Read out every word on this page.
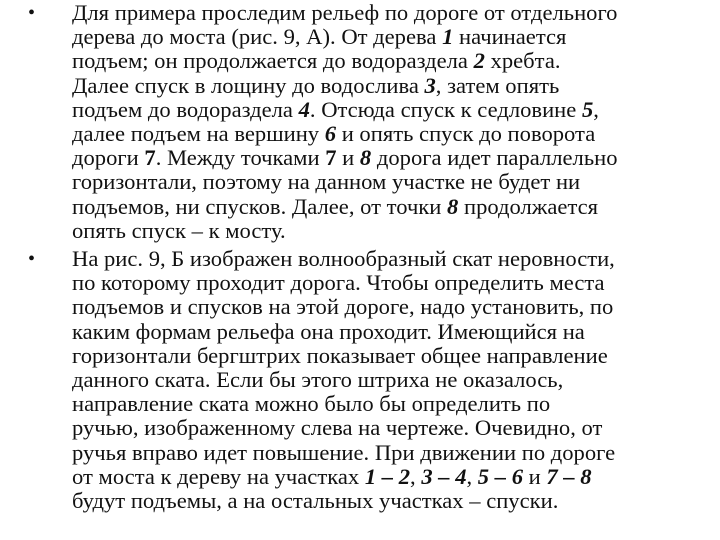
• Для примера проследим рельеф по дороге от отдельного
дерева до моста (рис. 9, А). От дерева 1 начинается
подъем; он продолжается до водораздела 2 хребта.
Далее спуск в лощину до водослива 3, затем опять
подъем до водораздела 4. Отсюда спуск к седловине 5,
далее подъем на вершину 6 и опять спуск до поворота
дороги 7. Между точками 7 и 8 дорога идет параллельно
горизонтали, поэтому на данном участке не будет ни
подъемов, ни спусков. Далее, от точки 8 продолжается
опять спуск – к мосту.
• На рис. 9, Б изображен волнообразный скат неровности,
по которому проходит дорога. Чтобы определить места
подъемов и спусков на этой дороге, надо установить, по
каким формам рельефа она проходит. Имеющийся на
горизонтали бергштрих показывает общее направление
данного ската. Если бы этого штриха не оказалось,
направление ската можно было бы определить по
ручью, изображенному слева на чертеже. Очевидно, от
ручья вправо идет повышение. При движении по дороге
от моста к дереву на участках 1 – 2, 3 – 4, 5 – 6 и 7 – 8
будут подъемы, а на остальных участках – спуски.
